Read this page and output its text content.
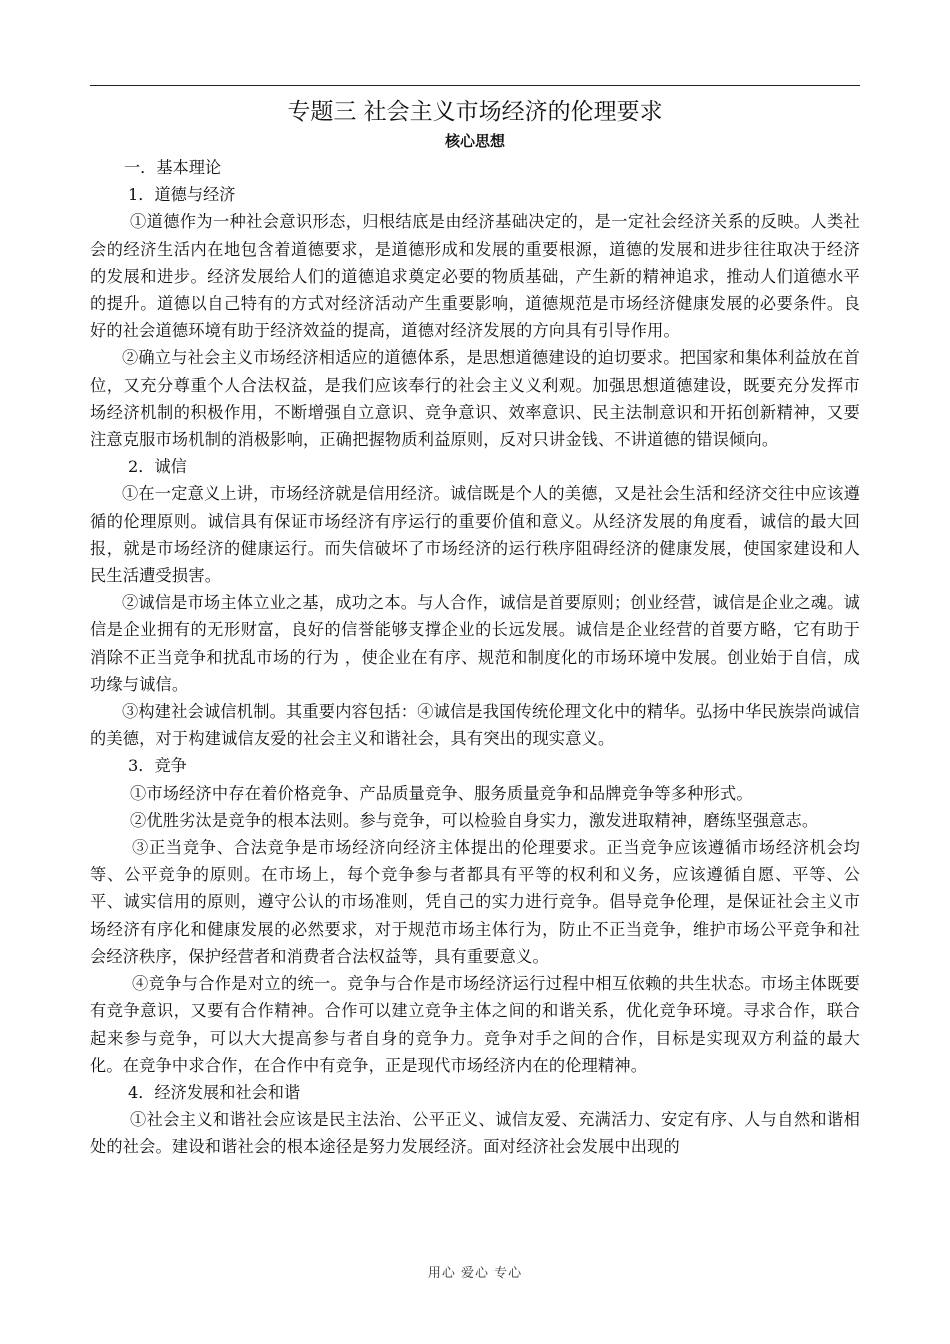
专题三 社会主义市场经济的伦理要求
核心思想

一．基本理论

1．道德与经济

①道德作为一种社会意识形态，归根结底是由经济基础决定的，是一定社会经济关系的反映。人类社会的经济生活内在地包含着道德要求，是道德形成和发展的重要根源，道德的发展和进步往往取决于经济的发展和进步。经济发展给人们的道德追求奠定必要的物质基础，产生新的精神追求，推动人们道德水平的提升。道德以自己特有的方式对经济活动产生重要影响，道德规范是市场经济健康发展的必要条件。良好的社会道德环境有助于经济效益的提高，道德对经济发展的方向具有引导作用。

②确立与社会主义市场经济相适应的道德体系，是思想道德建设的迫切要求。把国家和集体利益放在首位，又充分尊重个人合法权益，是我们应该奉行的社会主义义利观。加强思想道德建设，既要充分发挥市场经济机制的积极作用，不断增强自立意识、竞争意识、效率意识、民主法制意识和开拓创新精神，又要注意克服市场机制的消极影响，正确把握物质利益原则，反对只讲金钱、不讲道德的错误倾向。

2．诚信

①在一定意义上讲，市场经济就是信用经济。诚信既是个人的美德，又是社会生活和经济交往中应该遵循的伦理原则。诚信具有保证市场经济有序运行的重要价值和意义。从经济发展的角度看，诚信的最大回报，就是市场经济的健康运行。而失信破坏了市场经济的运行秩序阻碍经济的健康发展，使国家建设和人民生活遭受损害。

②诚信是市场主体立业之基，成功之本。与人合作，诚信是首要原则；创业经营，诚信是企业之魂。诚信是企业拥有的无形财富，良好的信誉能够支撑企业的长远发展。诚信是企业经营的首要方略，它有助于消除不正当竞争和扰乱市场的行为 ，使企业在有序、规范和制度化的市场环境中发展。创业始于自信，成功缘与诚信。

③构建社会诚信机制。其重要内容包括：④诚信是我国传统伦理文化中的精华。弘扬中华民族崇尚诚信的美德，对于构建诚信友爱的社会主义和谐社会，具有突出的现实意义。

3．竞争

①市场经济中存在着价格竞争、产品质量竞争、服务质量竞争和品牌竞争等多种形式。

②优胜劣汰是竞争的根本法则。参与竞争，可以检验自身实力，激发进取精神，磨练坚强意志。

③正当竞争、合法竞争是市场经济向经济主体提出的伦理要求。正当竞争应该遵循市场经济机会均等、公平竞争的原则。在市场上，每个竞争参与者都具有平等的权利和义务，应该遵循自愿、平等、公平、诚实信用的原则，遵守公认的市场准则，凭自己的实力进行竞争。倡导竞争伦理，是保证社会主义市场经济有序化和健康发展的必然要求，对于规范市场主体行为，防止不正当竞争，维护市场公平竞争和社会经济秩序，保护经营者和消费者合法权益等，具有重要意义。

④竞争与合作是对立的统一。竞争与合作是市场经济运行过程中相互依赖的共生状态。市场主体既要有竞争意识，又要有合作精神。合作可以建立竞争主体之间的和谐关系，优化竞争环境。寻求合作，联合起来参与竞争，可以大大提高参与者自身的竞争力。竞争对手之间的合作，目标是实现双方利益的最大化。在竞争中求合作，在合作中有竞争，正是现代市场经济内在的伦理精神。

4．经济发展和社会和谐

①社会主义和谐社会应该是民主法治、公平正义、诚信友爱、充满活力、安定有序、人与自然和谐相处的社会。建设和谐社会的根本途径是努力发展经济。面对经济社会发展中出现的

用心 爱心 专心
